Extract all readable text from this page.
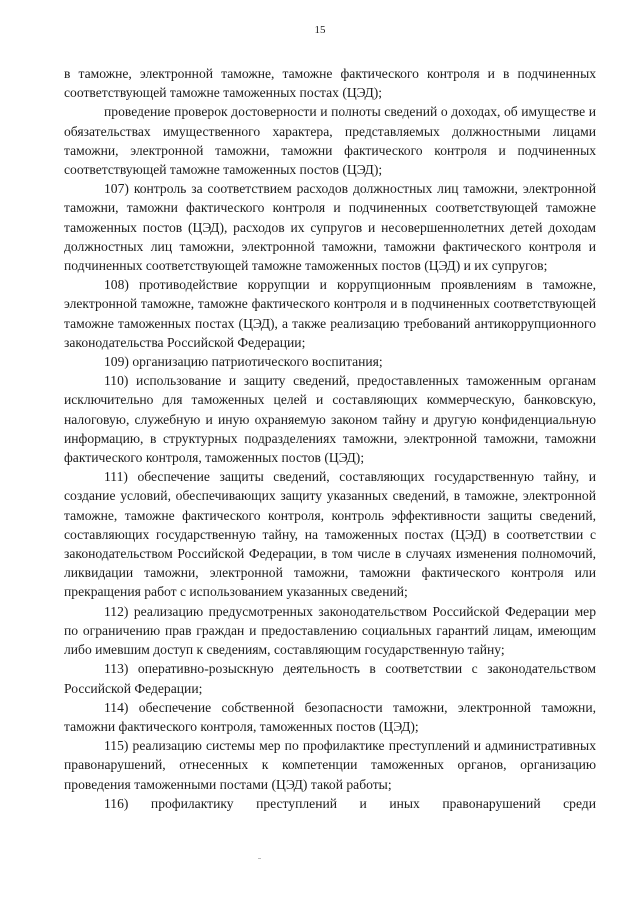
15

в таможне, электронной таможне, таможне фактического контроля и в подчиненных соответствующей таможне таможенных постах (ЦЭД);

проведение проверок достоверности и полноты сведений о доходах, об имуществе и обязательствах имущественного характера, представляемых должностными лицами таможни, электронной таможни, таможни фактического контроля и подчиненных соответствующей таможне таможенных постов (ЦЭД);

107) контроль за соответствием расходов должностных лиц таможни, электронной таможни, таможни фактического контроля и подчиненных соответствующей таможне таможенных постов (ЦЭД), расходов их супругов и несовершеннолетних детей доходам должностных лиц таможни, электронной таможни, таможни фактического контроля и подчиненных соответствующей таможне таможенных постов (ЦЭД) и их супругов;

108) противодействие коррупции и коррупционным проявлениям в таможне, электронной таможне, таможне фактического контроля и в подчиненных соответствующей таможне таможенных постах (ЦЭД), а также реализацию требований антикоррупционного законодательства Российской Федерации;

109) организацию патриотического воспитания;

110) использование и защиту сведений, предоставленных таможенным органам исключительно для таможенных целей и составляющих коммерческую, банковскую, налоговую, служебную и иную охраняемую законом тайну и другую конфиденциальную информацию, в структурных подразделениях таможни, электронной таможни, таможни фактического контроля, таможенных постов (ЦЭД);

111) обеспечение защиты сведений, составляющих государственную тайну, и создание условий, обеспечивающих защиту указанных сведений, в таможне, электронной таможне, таможне фактического контроля, контроль эффективности защиты сведений, составляющих государственную тайну, на таможенных постах (ЦЭД) в соответствии с законодательством Российской Федерации, в том числе в случаях изменения полномочий, ликвидации таможни, электронной таможни, таможни фактического контроля или прекращения работ с использованием указанных сведений;

112) реализацию предусмотренных законодательством Российской Федерации мер по ограничению прав граждан и предоставлению социальных гарантий лицам, имеющим либо имевшим доступ к сведениям, составляющим государственную тайну;

113) оперативно-розыскную деятельность в соответствии с законодательством Российской Федерации;

114) обеспечение собственной безопасности таможни, электронной таможни, таможни фактического контроля, таможенных постов (ЦЭД);

115) реализацию системы мер по профилактике преступлений и административных правонарушений, отнесенных к компетенции таможенных органов, организацию проведения таможенными постами (ЦЭД) такой работы;

116) профилактику преступлений и иных правонарушений среди
